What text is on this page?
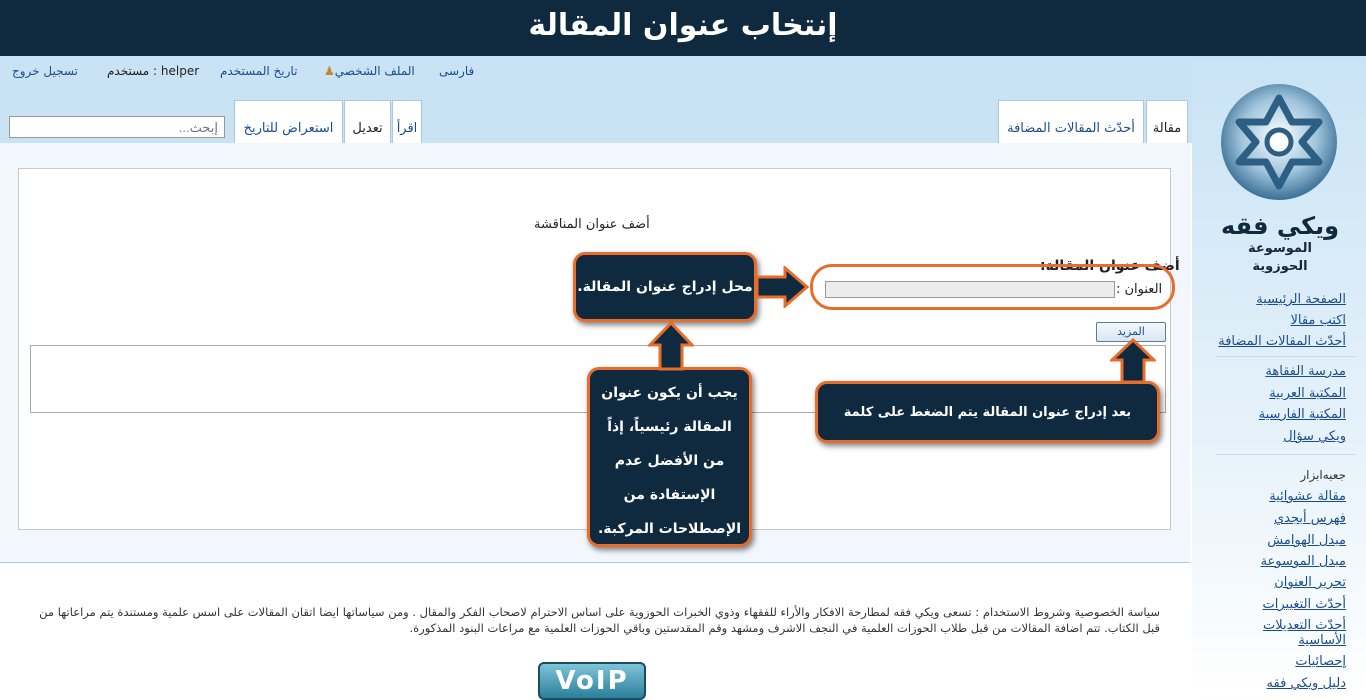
إنتخاب عنوان المقالة
تسجيل خروج	helper : مستخدم	تاريخ المستخدم	الملف الشخصي♟	فارسی
مقالة
أحدّث المقالات المضافة
اقرأ
تعديل
استعراض للتاريخ
إبحث...
أضف عنوان المناقشة
أضف عنوان المقالة:
العنوان :
المزيد
محل إدراج عنوان المقالة.
يجب أن يكون عنوان
المقالة رئيسياً، إذاً
من الأفضل عدم
الإستفادة من
الإصطلاحات المركبة.
بعد إدراج عنوان المقالة يتم الضغط على كلمة (المزيد).
ويكي فقه
الموسوعة الحوزوية
الصفحة الرئيسية
اكتب مقالا
أحدّث المقالات المضافة
مدرسة الفقاهة
المكتبة العربية
المكتبة الفارسية
ويكي سؤال
جعبه‌ابزار
مقالة عشوائية
فهرس أبجدي
مبدل الهوامش
مبدل الموسوعة
تحرير العنوان
أحدّث التغييرات
أحدّث التعديلات الأساسية
إحصائيات
دليل ويكي فقه
سياسة الخصوصية وشروط الاستخدام : تسعى ويكي فقه لمطارحة الافكار والأراء للفقهاء وذوي الخبرات الحوزوية على اساس الاحترام لاصحاب الفكر والمقال . ومن سياساتها ايضا اتقان المقالات على اسس علمية ومستندة يتم مراعاتها من قبل الكتاب. تتم اضافة المقالات من قبل طلاب الحوزات العلمية في النجف الاشرف ومشهد وقم المقدستين وباقي الحوزات العلمية مع مراعات البنود المذكورة.
VoIP
